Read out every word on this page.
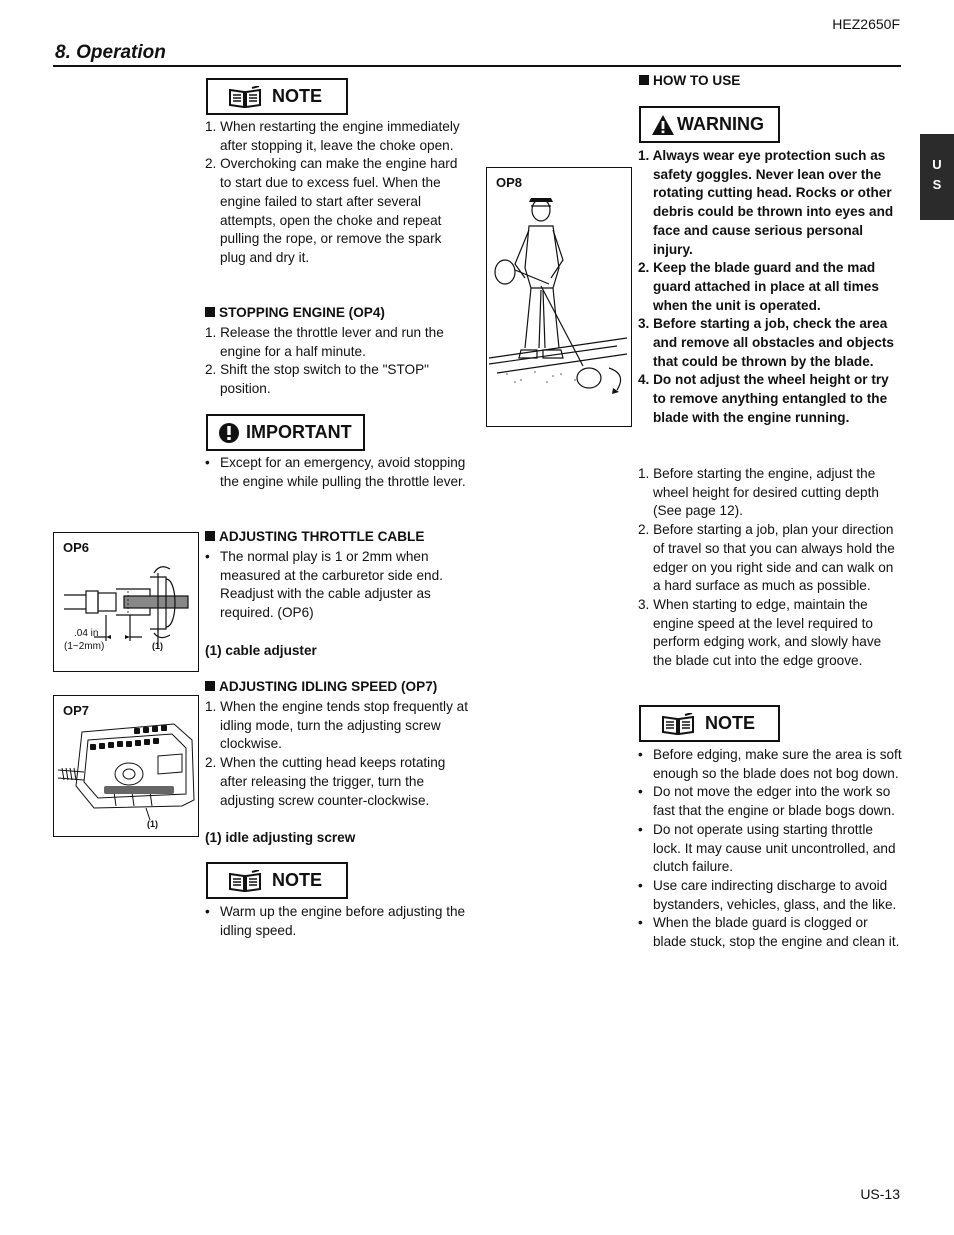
HEZ2650F
8. Operation
U
S
NOTE
1. When restarting the engine immediately after stopping it, leave the choke open.
2. Overchoking can make the engine hard to start due to excess fuel. When the engine failed to start after several attempts, open the choke and repeat pulling the rope, or remove the spark plug and dry it.
STOPPING ENGINE (OP4)
1. Release the throttle lever and run the engine for a half minute.
2. Shift the stop switch to the "STOP" position.
IMPORTANT
• Except for an emergency, avoid stopping the engine while pulling the throttle lever.
ADJUSTING THROTTLE CABLE
• The normal play is 1 or 2mm when measured at the carburetor side end. Readjust with the cable adjuster as required. (OP6)
(1) cable adjuster
ADJUSTING IDLING SPEED (OP7)
1. When the engine tends stop frequently at idling mode, turn the adjusting screw clockwise.
2. When the cutting head keeps rotating after releasing the trigger, turn the adjusting screw counter-clockwise.
(1) idle adjusting screw
NOTE
• Warm up the engine before adjusting the idling speed.
OP6
.04 in
(1~2mm)	(1)
OP7
(1)
OP8
HOW TO USE
WARNING
1. Always wear eye protection such as safety goggles. Never lean over the rotating cutting head. Rocks or other debris could be thrown into eyes and face and cause serious personal injury.
2. Keep the blade guard and the mad guard attached in place at all times when the unit is operated.
3. Before starting a job, check the area and remove all obstacles and objects that could be thrown by the blade.
4. Do not adjust the wheel height or try to remove anything entangled to the blade with the engine running.
1. Before starting the engine, adjust the wheel height for desired cutting depth (See page 12).
2. Before starting a job, plan your direction of travel so that you can always hold the edger on you right side and can walk on a hard surface as much as possible.
3. When starting to edge, maintain the engine speed at the level required to perform edging work, and slowly have the blade cut into the edge groove.
NOTE
• Before edging, make sure the area is soft enough so the blade does not bog down.
• Do not move the edger into the work so fast that the engine or blade bogs down.
• Do not operate using starting throttle lock. It may cause unit uncontrolled, and clutch failure.
• Use care indirecting discharge to avoid bystanders, vehicles, glass, and the like.
• When the blade guard is clogged or blade stuck, stop the engine and clean it.
US-13
